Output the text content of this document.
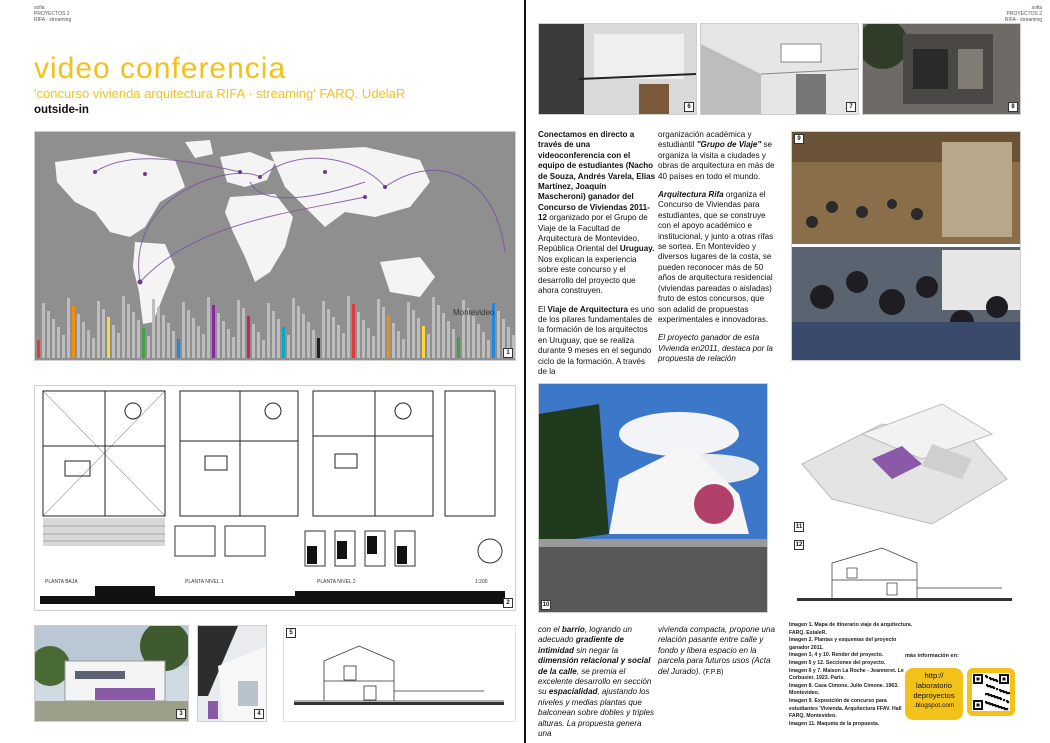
sofia
PROYECTOS 2
RIFA · streaming
video conferencia
'concurso vivienda arquitectura RIFA · streaming' FARQ. UdelaR
outside-in
Montevideo
1
PLANTA BAJA	PLANTA NIVEL 1	PLANTA NIVEL 2	1:200
2
3	4
5
sofia
PROYECTOS 2
RIFA · streaming
6	7	8

Conectamos en directo a través de una videoconferencia con el equipo de estudiantes (Nacho de Souza, Andrés Varela, Elías Martínez, Joaquín Mascheroni) ganador del Concurso de Viviendas 2011-12 organizado por el Grupo de Viaje de la Facultad de Arquitectura de Montevideo, República Oriental del Uruguay. Nos explican la experiencia sobre este concurso y el desarrollo del proyecto que ahora construyen.

El Viaje de Arquitectura es uno de los pilares fundamentales de la formación de los arquitectos en Uruguay, que se realiza durante 9 meses en el segundo ciclo de la formación. A través de la

organización académica y estudiantil "Grupo de Viaje" se organiza la visita a ciudades y obras de arquitectura en más de 40 países en todo el mundo.

Arquitectura Rifa organiza el Concurso de Viviendas para estudiantes, que se construye con el apoyo académico e institucional, y junto a otras rifas se sortea. En Montevideo y diversos lugares de la costa, se pueden reconocer más de 50 años de arquitectura residencial (viviendas pareadas o aisladas) fruto de estos concursos, que son adalid de propuestas experimentales e innovadoras.

El proyecto ganador de esta Vivienda en2011, destaca por la propuesta de relación

9
10
11
12
con el barrio, logrando un adecuado gradiente de intimidad sin negar la dimensión relacional y social de la calle, se premia el excelente desarrollo en sección su espacialidad, ajustando los niveles y medias plantas que balconean sobre dobles y triples alturas. La propuesta genera una
vivienda compacta, propone una relación pasante entre calle y fondo y libera espacio en la parcela para futuros usos (Acta del Jurado). (F.P.B)
Imagen 1. Mapa de itinerario viaje de arquitectura. FARQ. EstaleR.
Imagen 2. Plantas y esquemas del proyecto ganador 2011.
Imagen 3, 4 y 10. Render del proyecto.
Imagen 5 y 12. Secciones del proyecto.
Imagen 6 y 7. Maison La Roche - Jeanneret. Le Corbusier. 1923. París.
Imagen 8. Casa Cimone. Julio Cimone. 1963. Montevideo.
Imagen 9. Exposición de concurso para estudiantes 'Vivienda. Arquitectura FFAV. Hall FARQ. Montevideo.
Imagen 11. Maqueta de la propuesta.
más información en:
http://
laboratorio
deproyectos
.blogspot.com
